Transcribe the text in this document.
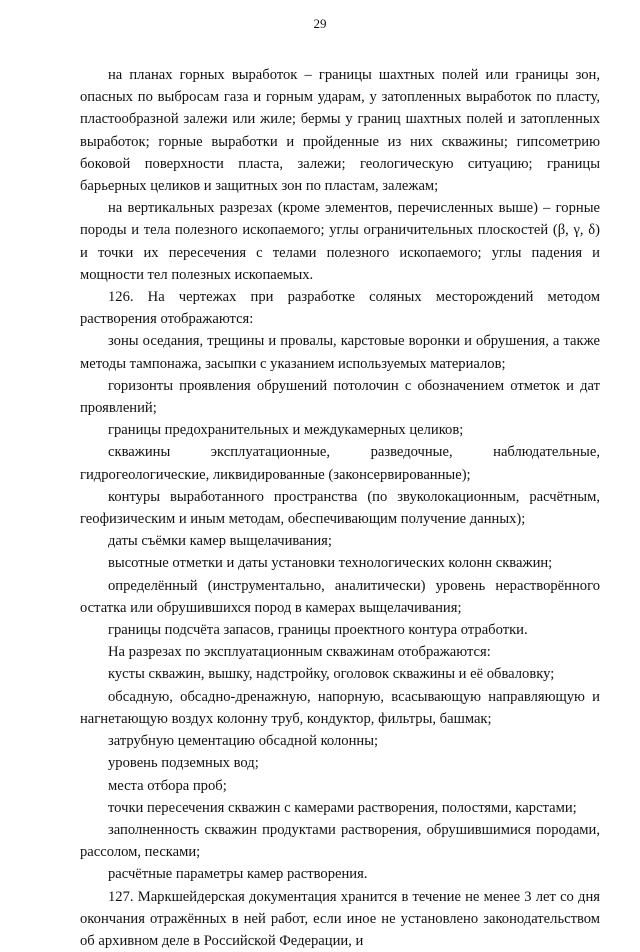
29

на планах горных выработок – границы шахтных полей или границы зон, опасных по выбросам газа и горным ударам, у затопленных выработок по пласту, пластообразной залежи или жиле; бермы у границ шахтных полей и затопленных выработок; горные выработки и пройденные из них скважины; гипсометрию боковой поверхности пласта, залежи; геологическую ситуацию; границы барьерных целиков и защитных зон по пластам, залежам;

на вертикальных разрезах (кроме элементов, перечисленных выше) – горные породы и тела полезного ископаемого; углы ограничительных плоскостей (β, γ, δ) и точки их пересечения с телами полезного ископаемого; углы падения и мощности тел полезных ископаемых.

126. На чертежах при разработке соляных месторождений методом растворения отображаются:

зоны оседания, трещины и провалы, карстовые воронки и обрушения, а также методы тампонажа, засыпки с указанием используемых материалов;

горизонты проявления обрушений потолочин с обозначением отметок и дат проявлений;

границы предохранительных и междукамерных целиков;

скважины эксплуатационные, разведочные, наблюдательные, гидрогеологические, ликвидированные (законсервированные);

контуры выработанного пространства (по звуколокационным, расчётным, геофизическим и иным методам, обеспечивающим получение данных);

даты съёмки камер выщелачивания;

высотные отметки и даты установки технологических колонн скважин;

определённый (инструментально, аналитически) уровень нерастворённого остатка или обрушившихся пород в камерах выщелачивания;

границы подсчёта запасов, границы проектного контура отработки.

На разрезах по эксплуатационным скважинам отображаются:

кусты скважин, вышку, надстройку, оголовок скважины и её обваловку;

обсадную, обсадно-дренажную, напорную, всасывающую направляющую и нагнетающую воздух колонну труб, кондуктор, фильтры, башмак;

затрубную цементацию обсадной колонны;

уровень подземных вод;

места отбора проб;

точки пересечения скважин с камерами растворения, полостями, карстами;

заполненность скважин продуктами растворения, обрушившимися породами, рассолом, песками;

расчётные параметры камер растворения.

127. Маркшейдерская документация хранится в течение не менее 3 лет со дня окончания отражённых в ней работ, если иное не установлено законодательством об архивном деле в Российской Федерации, и
